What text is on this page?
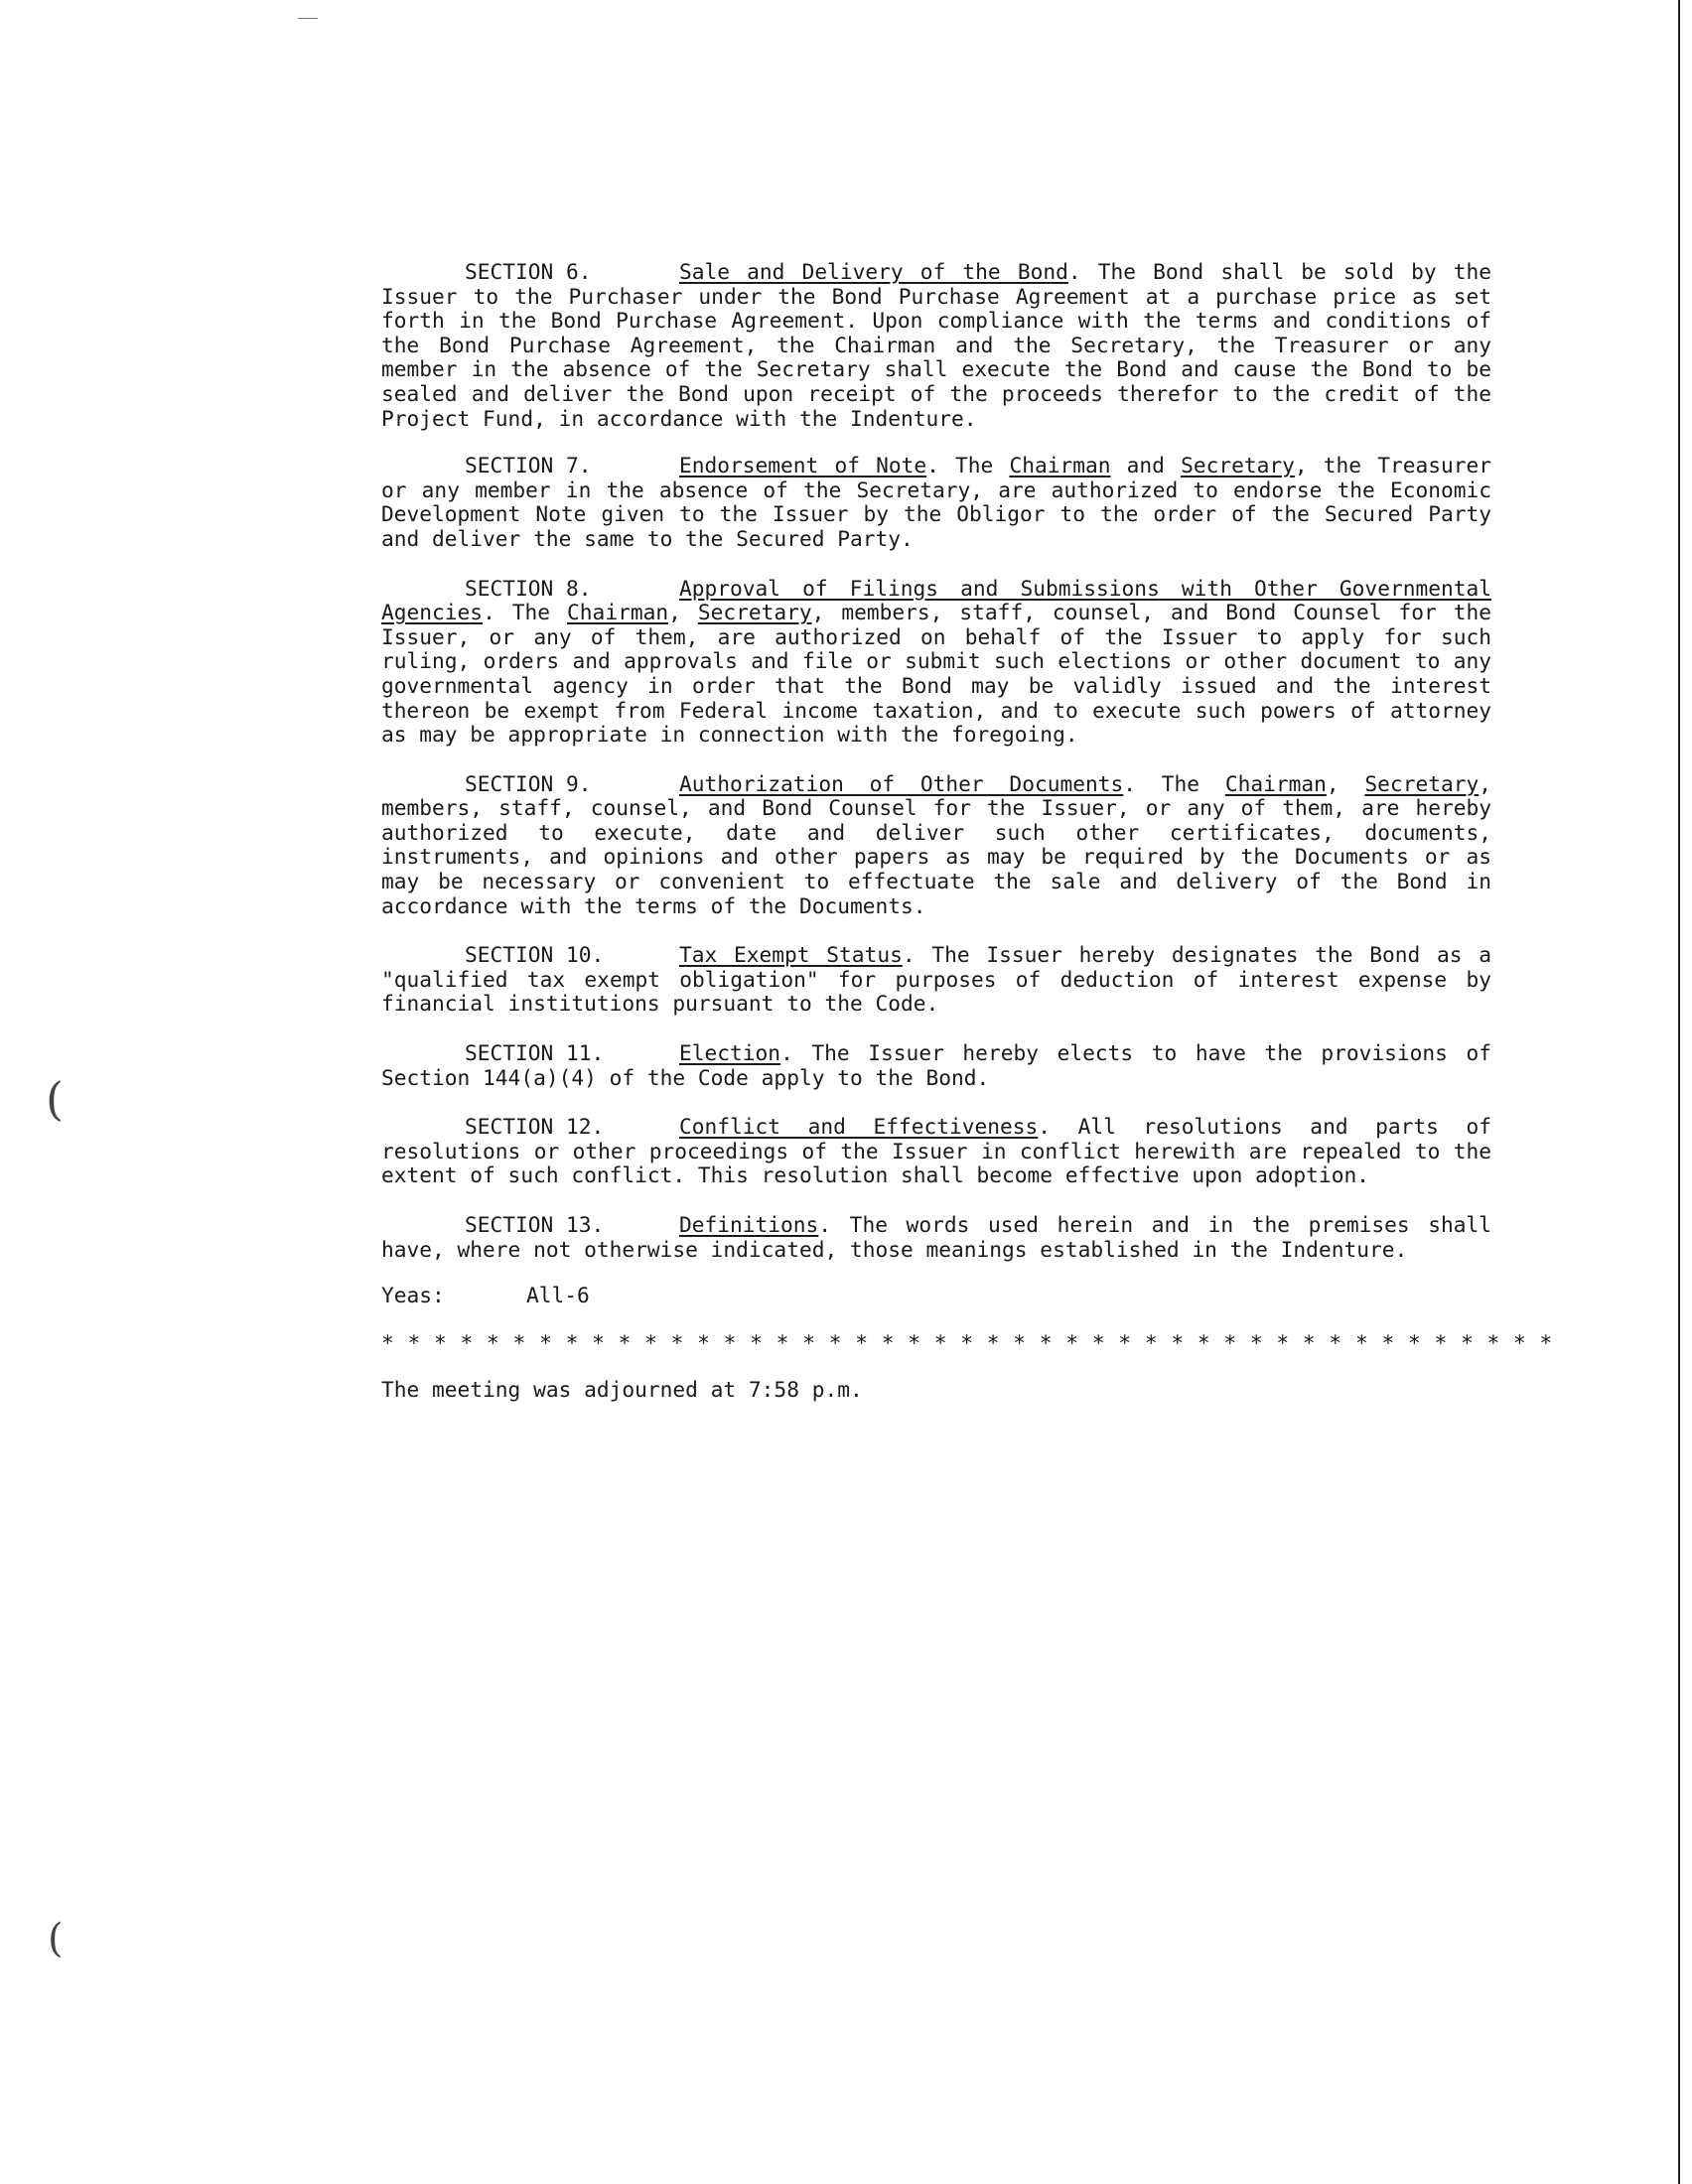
(
(

SECTION 6.	Sale and Delivery of the Bond. The Bond shall be sold by the Issuer to the Purchaser under the Bond Purchase Agreement at a purchase price as set forth in the Bond Purchase Agreement. Upon compliance with the terms and conditions of the Bond Purchase Agreement, the Chairman and the Secretary, the Treasurer or any member in the absence of the Secretary shall execute the Bond and cause the Bond to be sealed and deliver the Bond upon receipt of the proceeds therefor to the credit of the Project Fund, in accordance with the Indenture.

SECTION 7.	Endorsement of Note. The Chairman and Secretary, the Treasurer or any member in the absence of the Secretary, are authorized to endorse the Economic Development Note given to the Issuer by the Obligor to the order of the Secured Party and deliver the same to the Secured Party.

SECTION 8.	Approval of Filings and Submissions with Other Governmental Agencies. The Chairman, Secretary, members, staff, counsel, and Bond Counsel for the Issuer, or any of them, are authorized on behalf of the Issuer to apply for such ruling, orders and approvals and file or submit such elections or other document to any governmental agency in order that the Bond may be validly issued and the interest thereon be exempt from Federal income taxation, and to execute such powers of attorney as may be appropriate in connection with the foregoing.

SECTION 9.	Authorization of Other Documents. The Chairman, Secretary, members, staff, counsel, and Bond Counsel for the Issuer, or any of them, are hereby authorized to execute, date and deliver such other certificates, documents, instruments, and opinions and other papers as may be required by the Documents or as may be necessary or convenient to effectuate the sale and delivery of the Bond in accordance with the terms of the Documents.

SECTION 10.	Tax Exempt Status. The Issuer hereby designates the Bond as a "qualified tax exempt obligation" for purposes of deduction of interest expense by financial institutions pursuant to the Code.

SECTION 11.	Election. The Issuer hereby elects to have the provisions of Section 144(a)(4) of the Code apply to the Bond.

SECTION 12.	Conflict and Effectiveness. All resolutions and parts of resolutions or other proceedings of the Issuer in conflict herewith are repealed to the extent of such conflict. This resolution shall become effective upon adoption.

SECTION 13.	Definitions. The words used herein and in the premises shall have, where not otherwise indicated, those meanings established in the Indenture.

Yeas:	All-6
* * * * * * * * * * * * * * * * * * * * * * * * * * * * * * * * * * * * * * * * * * * * *
The meeting was adjourned at 7:58 p.m.
